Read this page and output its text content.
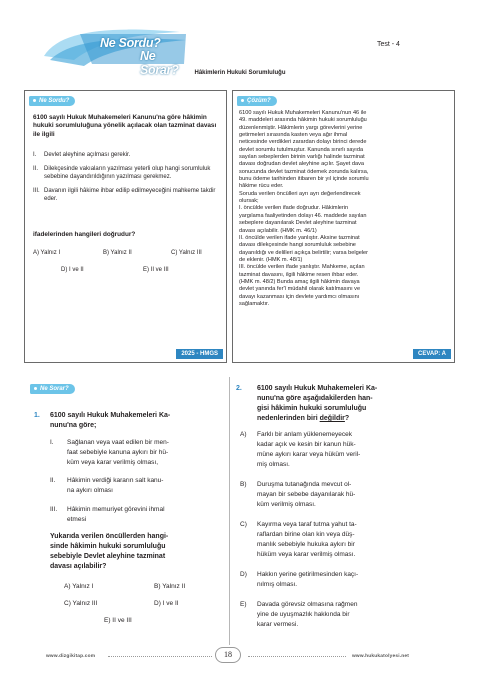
Ne Sordu?
Ne Sorar?
Test - 4
Hâkimlerin Hukuki Sorumluluğu
Ne Sordu?
6100 sayılı Hukuk Muhakemeleri Kanunu'na göre hâkimin hukuki sorumluluğuna yönelik açılacak olan tazminat davası ile ilgili
I. Devlet aleyhine açılması gerekir.
II. Dilekçesinde vakıaların yazılması yeterli olup hangi sorumluluk sebebine dayandırıldığının yazılması gerekmez.
III. Davanın ilgili hâkime ihbar edilip edilmeyeceğini mahkeme takdir eder.
ifadelerinden hangileri doğrudur?
A) Yalnız I	B) Yalnız II	C) Yalnız III
D) I ve II	E) II ve III
2025 - HMGS
Çözüm?
6100 sayılı Hukuk Muhakemeleri Kanunu'nun 46 ile
49. maddeleri arasında hâkimin hukuki sorumluluğu
düzenlenmiştir. Hâkimlerin yargı görevlerini yerine
getirmeleri sırasında kasten veya ağır ihmal
neticesinde verdikleri zarardan dolayı birinci derede
devlet sorumlu tutulmuştur. Kanunda sınırlı sayıda
sayılan sebeplerden birinin varlığı halinde tazminat
davası doğrudan devlet aleyhine açılır. Şayet dava
sonucunda devlet tazminat ödemek zorunda kalırsa,
bunu ödeme tarihinden itibaren bir yıl içinde sorumlu
hâkime rücu eder.
Soruda verilen öncülleri ayrı ayrı değerlendirecek
olursak;
I. öncülde verilen ifade doğrudur. Hâkimlerin
yargılama faaliyetinden dolayı 46. maddede sayılan
sebeplere dayanılarak Devlet aleyhine tazminat
davası açılabilir. (HMK m. 46/1)
II. öncülde verilen ifade yanlıştır. Aksine tazminat
davası dilekçesinde hangi sorumluluk sebebine
dayanıldığı ve delilleri açıkça belirtilir; varsa belgeler
de eklenir. (HMK m. 48/1)
III. öncülde verilen ifade yanlıştır. Mahkeme, açılan
tazminat davasını, ilgili hâkime resen ihbar eder.
(HMK m. 48/2) Bunda amaç ilgili hâkimin davaya
devlet yanında fer'î müdahil olarak katılmasını ve
davayı kazanması için devlete yardımcı olmasını
sağlamaktır.
CEVAP: A
Ne Sorar?
1. 6100 sayılı Hukuk Muhakemeleri Ka-
nunu'na göre;
I.	Sağlanan veya vaat edilen bir men-
faat sebebiyle kanuna aykırı bir hü-
küm veya karar verilmiş olması,
II.	Hâkimin verdiği kararın salt kanu-
na aykırı olması
III.	Hâkimin memuriyet görevini ihmal
etmesi
Yukarıda verilen öncüllerden hangi-
sinde hâkimin hukuki sorumluluğu
sebebiyle Devlet aleyhine tazminat
davası açılabilir?
A) Yalnız I	B) Yalnız II
C) Yalnız III	D) I ve II
E) II ve III
2. 6100 sayılı Hukuk Muhakemeleri Ka-
nunu'na göre aşağıdakilerden han-
gisi hâkimin hukuki sorumluluğu
nedenlerinden biri değildir?
A)	Farklı bir anlam yüklenemeyecek
kadar açık ve kesin bir kanun hük-
müne aykırı karar veya hüküm veril-
miş olması.
B)	Duruşma tutanağında mevcut ol-
mayan bir sebebe dayanılarak hü-
küm verilmiş olması.
C)	Kayırma veya taraf tutma yahut ta-
raflardan birine olan kin veya düş-
manlık sebebiyle hukuka aykırı bir
hüküm veya karar verilmiş olması.
D)	Hakkın yerine getirilmesinden kaçı-
nılmış olması.
E)	Davada görevsiz olmasına rağmen
yine de uyuşmazlık hakkında bir
karar vermesi.
www.dizgikitap.com	18	www.hukukatolyesi.net
